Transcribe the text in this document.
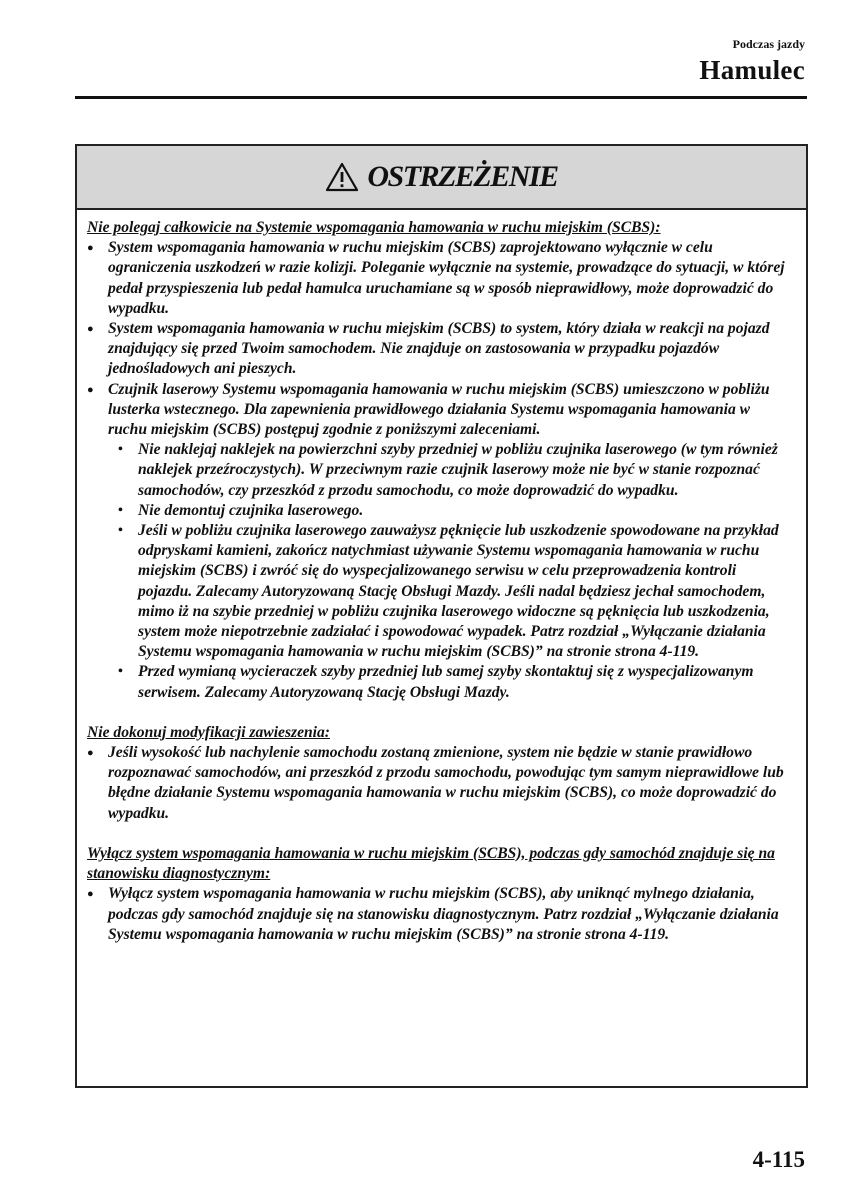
Podczas jazdy
Hamulec
OSTRZEŻENIE
Nie polegaj całkowicie na Systemie wspomagania hamowania w ruchu miejskim (SCBS):
● System wspomagania hamowania w ruchu miejskim (SCBS) zaprojektowano wyłącznie w celu ograniczenia uszkodzeń w razie kolizji. Poleganie wyłącznie na systemie, prowadzące do sytuacji, w której pedał przyspieszenia lub pedał hamulca uruchamiane są w sposób nieprawidłowy, może doprowadzić do wypadku.
● System wspomagania hamowania w ruchu miejskim (SCBS) to system, który działa w reakcji na pojazd znajdujący się przed Twoim samochodem. Nie znajduje on zastosowania w przypadku pojazdów jednośladowych ani pieszych.
● Czujnik laserowy Systemu wspomagania hamowania w ruchu miejskim (SCBS) umieszczono w pobliżu lusterka wstecznego. Dla zapewnienia prawidłowego działania Systemu wspomagania hamowania w ruchu miejskim (SCBS) postępuj zgodnie z poniższymi zaleceniami.
• Nie naklejaj naklejek na powierzchni szyby przedniej w pobliżu czujnika laserowego (w tym również naklejek przeźroczystych). W przeciwnym razie czujnik laserowy może nie być w stanie rozpoznać samochodów, czy przeszkód z przodu samochodu, co może doprowadzić do wypadku.
• Nie demontuj czujnika laserowego.
• Jeśli w pobliżu czujnika laserowego zauważysz pęknięcie lub uszkodzenie spowodowane na przykład odpryskami kamieni, zakończ natychmiast używanie Systemu wspomagania hamowania w ruchu miejskim (SCBS) i zwróć się do wyspecjalizowanego serwisu w celu przeprowadzenia kontroli pojazdu. Zalecamy Autoryzowaną Stację Obsługi Mazdy. Jeśli nadal będziesz jechał samochodem, mimo iż na szybie przedniej w pobliżu czujnika laserowego widoczne są pęknięcia lub uszkodzenia, system może niepotrzebnie zadziałać i spowodować wypadek. Patrz rozdział „Wyłączanie działania Systemu wspomagania hamowania w ruchu miejskim (SCBS)” na stronie strona 4-119.
• Przed wymianą wycieraczek szyby przedniej lub samej szyby skontaktuj się z wyspecjalizowanym serwisem. Zalecamy Autoryzowaną Stację Obsługi Mazdy.
Nie dokonuj modyfikacji zawieszenia:
● Jeśli wysokość lub nachylenie samochodu zostaną zmienione, system nie będzie w stanie prawidłowo rozpoznawać samochodów, ani przeszkód z przodu samochodu, powodując tym samym nieprawidłowe lub błędne działanie Systemu wspomagania hamowania w ruchu miejskim (SCBS), co może doprowadzić do wypadku.
Wyłącz system wspomagania hamowania w ruchu miejskim (SCBS), podczas gdy samochód znajduje się na stanowisku diagnostycznym:
● Wyłącz system wspomagania hamowania w ruchu miejskim (SCBS), aby uniknąć mylnego działania, podczas gdy samochód znajduje się na stanowisku diagnostycznym. Patrz rozdział „Wyłączanie działania Systemu wspomagania hamowania w ruchu miejskim (SCBS)” na stronie strona 4-119.
4-115
